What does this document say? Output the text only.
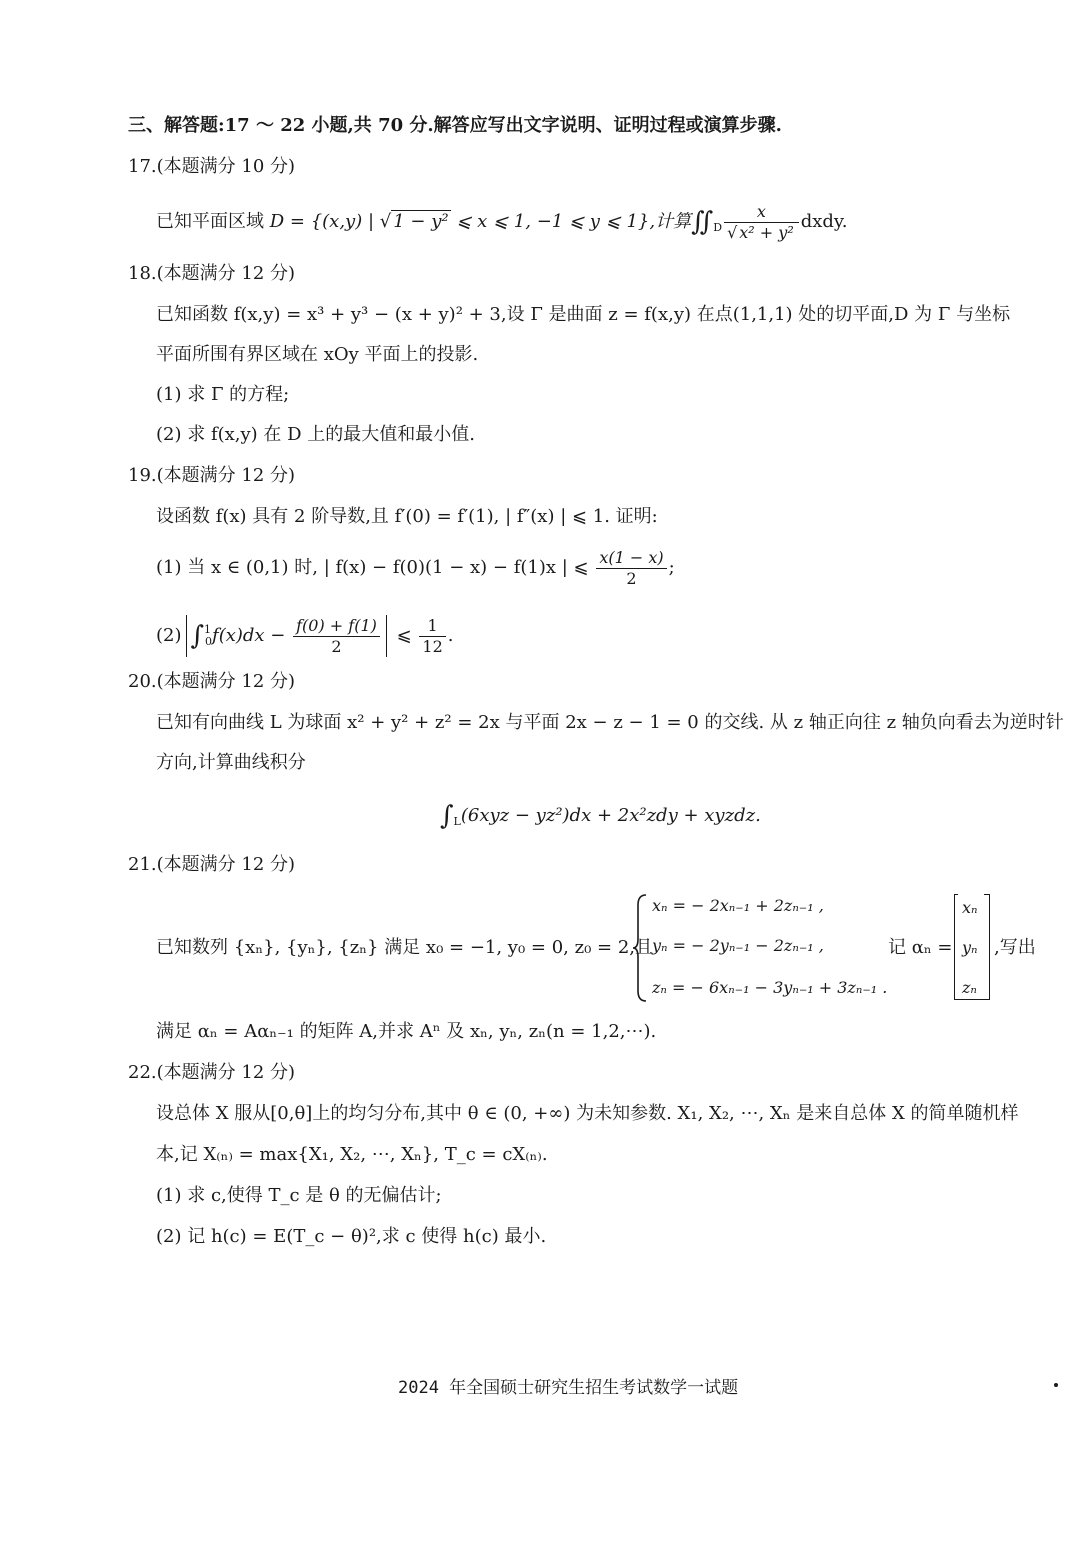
三、解答题:17 ～ 22 小题,共 70 分.解答应写出文字说明、证明过程或演算步骤.
17.(本题满分 10 分)
已知平面区域 D = {(x,y) | √ 1 − y² ⩽ x ⩽ 1, −1 ⩽ y ⩽ 1},计算$∬_D \frac{x}{\text{√ x² + y²}}$ dxdy.
18.(本题满分 12 分)
已知函数 f(x,y) = x³ + y³ − (x + y)² + 3,设 Γ 是曲面 z = f(x,y) 在点(1,1,1) 处的切平面,D 为 Γ 与坐标
平面所围有界区域在 xOy 平面上的投影.
(1) 求 Γ 的方程;
(2) 求 f(x,y) 在 D 上的最大值和最小值.
19.(本题满分 12 分)
设函数 f(x) 具有 2 阶导数,且 f′(0) = f′(1), | f″(x) | ⩽ 1. 证明:
(1) 当 x ∈ (0,1) 时, | f(x) − f(0)(1 − x) − f(1)x | ⩽ $\frac{x(1 - x)}{2}$ ;
(2) $\int^1_0f(x)dx - \frac{f(0) + f(1)}{2}$ ⩽ $\frac{1}{12}$ .
20.(本题满分 12 分)
已知有向曲线 L 为球面 x² + y² + z² = 2x 与平面 2x − z − 1 = 0 的交线. 从 z 轴正向往 z 轴负向看去为逆时针
方向,计算曲线积分
$\int_L(6xyz - yz^2)dx + 2x^2zdy$ + xyzdz.
21.(本题满分 12 分)
已知数列 {xₙ}, {yₙ}, {zₙ} 满足 x₀ = −1, y₀ = 0, z₀ = 2,且
xₙ = − 2xₙ₋₁ + 2zₙ₋₁ ,
yₙ = − 2yₙ₋₁ − 2zₙ₋₁ ,
zₙ = − 6xₙ₋₁ − 3yₙ₋₁ + 3zₙ₋₁ .
记 αₙ =
xₙ
yₙ
zₙ
,写出
满足 αₙ = Aαₙ₋₁ 的矩阵 A,并求 Aⁿ 及 xₙ, yₙ, zₙ(n = 1,2,⋯).
22.(本题满分 12 分)
设总体 X 服从[0,θ]上的均匀分布,其中 θ ∈ (0, +∞) 为未知参数. X₁, X₂, ⋯, Xₙ 是来自总体 X 的简单随机样
本,记 X₍ₙ₎ = max{X₁, X₂, ⋯, Xₙ}, T_c = cX₍ₙ₎.
(1) 求 c,使得 T_c 是 θ 的无偏估计;
(2) 记 h(c) = E(T_c − θ)²,求 c 使得 h(c) 最小.
2024 年全国硕士研究生招生考试数学一试题
